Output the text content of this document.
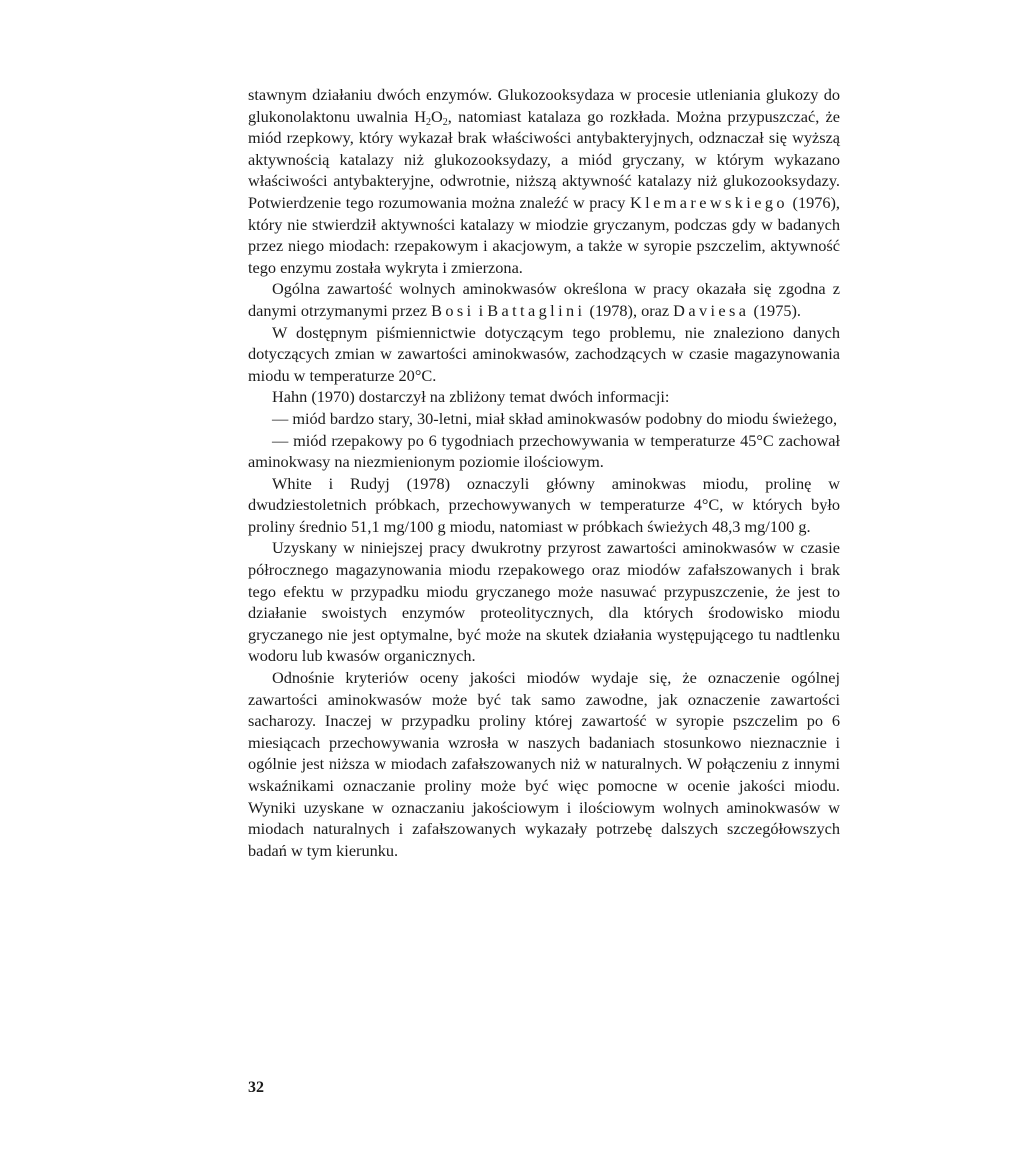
stawnym działaniu dwóch enzymów. Glukozooksydaza w procesie utleniania glukozy do glukonolaktonu uwalnia $H_2O_2$, natomiast katalaza go rozkłada. Można przypuszczać, że miód rzepkowy, który wykazał brak właściwości antybakteryjnych, odznaczał się wyższą aktywnością katalazy niż glukozooksydazy, a miód gryczany, w którym wykazano właściwości antybakteryjne, odwrotnie, niższą aktywność katalazy niż glukozooksydazy. Potwierdzenie tego rozumowania można znaleźć w pracy Klemarewskiego (1976), który nie stwierdził aktywności katalazy w miodzie gryczanym, podczas gdy w badanych przez niego miodach: rzepakowym i akacjowym, a także w syropie pszczelim, aktywność tego enzymu została wykryta i zmierzona.

Ogólna zawartość wolnych aminokwasów określona w pracy okazała się zgodna z danymi otrzymanymi przez Bosi i Battaglini (1978), oraz Daviesa (1975).

W dostępnym piśmiennictwie dotyczącym tego problemu, nie znaleziono danych dotyczących zmian w zawartości aminokwasów, zachodzących w czasie magazynowania miodu w temperaturze 20°C.

Hahn (1970) dostarczył na zbliżony temat dwóch informacji:

— miód bardzo stary, 30-letni, miał skład aminokwasów podobny do miodu świeżego,

— miód rzepakowy po 6 tygodniach przechowywania w temperaturze 45°C zachował aminokwasy na niezmienionym poziomie ilościowym.

White i Rudyj (1978) oznaczyli główny aminokwas miodu, prolinę w dwudziestoletnich próbkach, przechowywanych w temperaturze 4°C, w których było proliny średnio 51,1 mg/100 g miodu, natomiast w próbkach świeżych 48,3 mg/100 g.

Uzyskany w niniejszej pracy dwukrotny przyrost zawartości aminokwasów w czasie półrocznego magazynowania miodu rzepakowego oraz miodów zafałszowanych i brak tego efektu w przypadku miodu gryczanego może nasuwać przypuszczenie, że jest to działanie swoistych enzymów proteolitycznych, dla których środowisko miodu gryczanego nie jest optymalne, być może na skutek działania występującego tu nadtlenku wodoru lub kwasów organicznych.

Odnośnie kryteriów oceny jakości miodów wydaje się, że oznaczenie ogólnej zawartości aminokwasów może być tak samo zawodne, jak oznaczenie zawartości sacharozy. Inaczej w przypadku proliny której zawartość w syropie pszczelim po 6 miesiącach przechowywania wzrosła w naszych badaniach stosunkowo nieznacznie i ogólnie jest niższa w miodach zafałszowanych niż w naturalnych. W połączeniu z innymi wskaźnikami oznaczanie proliny może być więc pomocne w ocenie jakości miodu. Wyniki uzyskane w oznaczaniu jakościowym i ilościowym wolnych aminokwasów w miodach naturalnych i zafałszowanych wykazały potrzebę dalszych szczegółowszych badań w tym kierunku.

32
